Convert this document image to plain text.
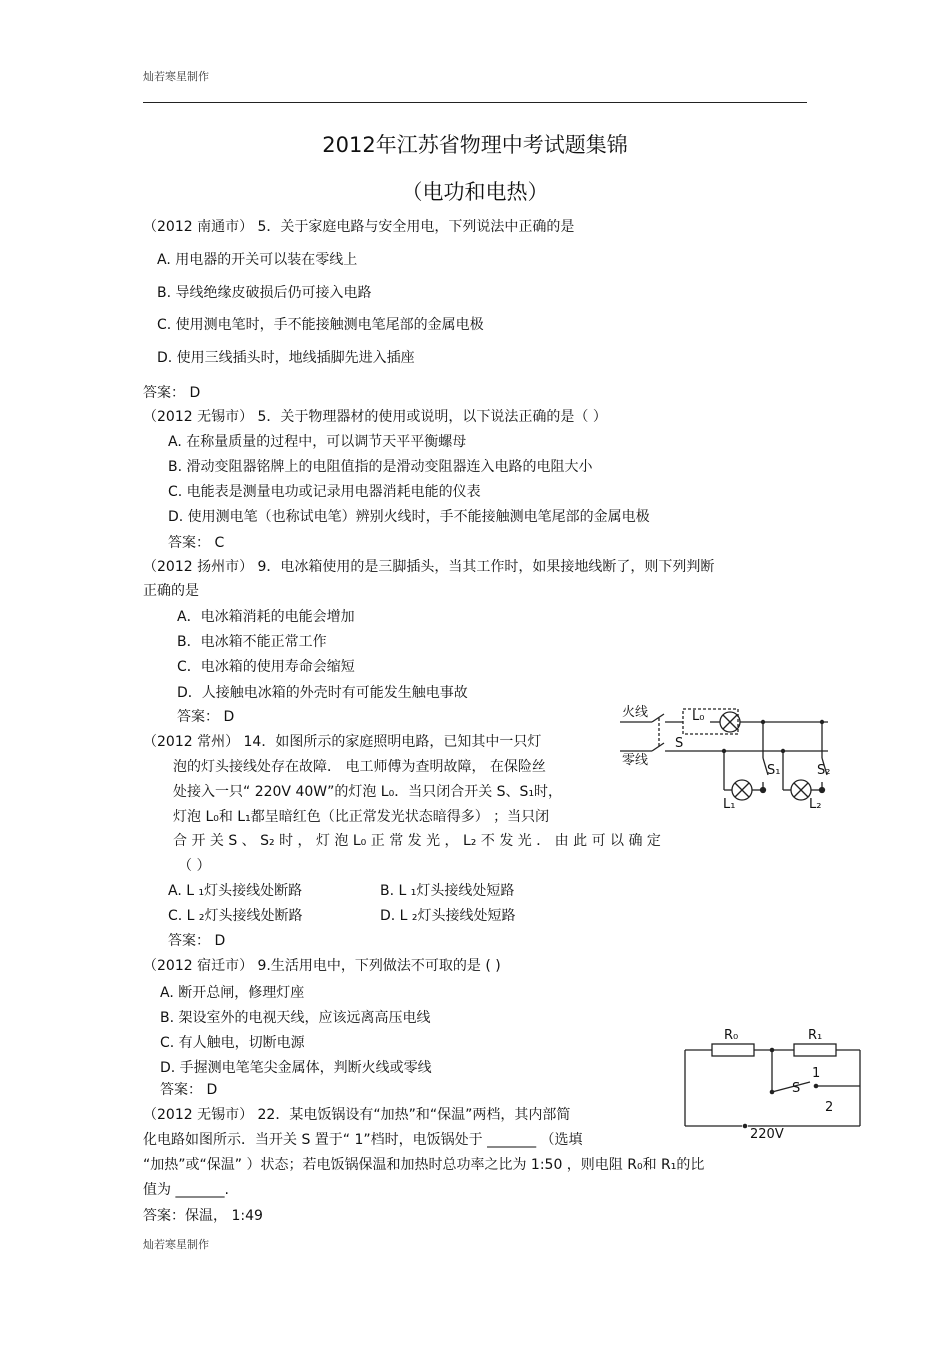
灿若寒星制作
2012年江苏省物理中考试题集锦
（电功和电热）
（2012 南通市） 5．关于家庭电路与安全用电，下列说法中正确的是
A. 用电器的开关可以装在零线上
B. 导线绝缘皮破损后仍可接入电路
C. 使用测电笔时，手不能接触测电笔尾部的金属电极
D. 使用三线插头时，地线插脚先进入插座
答案： D
（2012 无锡市） 5．关于物理器材的使用或说明，以下说法正确的是（ ）
A. 在称量质量的过程中，可以调节天平平衡螺母
B. 滑动变阻器铭牌上的电阻值指的是滑动变阻器连入电路的电阻大小
C. 电能表是测量电功或记录用电器消耗电能的仪表
D. 使用测电笔（也称试电笔）辨别火线时，手不能接触测电笔尾部的金属电极
答案： C
（2012 扬州市） 9．电冰箱使用的是三脚插头，当其工作时，如果接地线断了，则下列判断
正确的是
A．电冰箱消耗的电能会增加
B．电冰箱不能正常工作
C．电冰箱的使用寿命会缩短
D．人接触电冰箱的外壳时有可能发生触电事故
答案： D
（2012 常州） 14．如图所示的家庭照明电路，已知其中一只灯
泡的灯头接线处存在故障． 电工师傅为查明故障， 在保险丝
处接入一只“ 220V 40W”的灯泡 L₀．当只闭合开关 S、S₁时，
灯泡 L₀和 L₁都呈暗红色（比正常发光状态暗得多） ；当只闭
合 开 关 S 、 S₂ 时 ， 灯 泡 L₀ 正 常 发 光 ， L₂ 不 发 光 ． 由 此 可 以 确 定
（ ）
A. L ₁灯头接线处断路	B. L ₁灯头接线处短路
C. L ₂灯头接线处断路	D. L ₂灯头接线处短路
答案： D
火线
零线
L₀
S
S₁	S₂
L₁	L₂
（2012 宿迁市） 9.生活用电中，下列做法不可取的是 ( )
A. 断开总闸，修理灯座
B. 架设室外的电视天线，应该远离高压电线
C. 有人触电，切断电源
D. 手握测电笔笔尖金属体，判断火线或零线
答案： D
R₀	R₁
S
1
2
220V
（2012 无锡市） 22．某电饭锅设有“加热”和“保温”两档，其内部简
化电路如图所示．当开关 S 置于“ 1”档时，电饭锅处于 _______ （选填
“加热”或“保温” ）状态；若电饭锅保温和加热时总功率之比为 1:50 ，则电阻 R₀和 R₁的比
值为 _______.
答案：保温， 1:49
灿若寒星制作
